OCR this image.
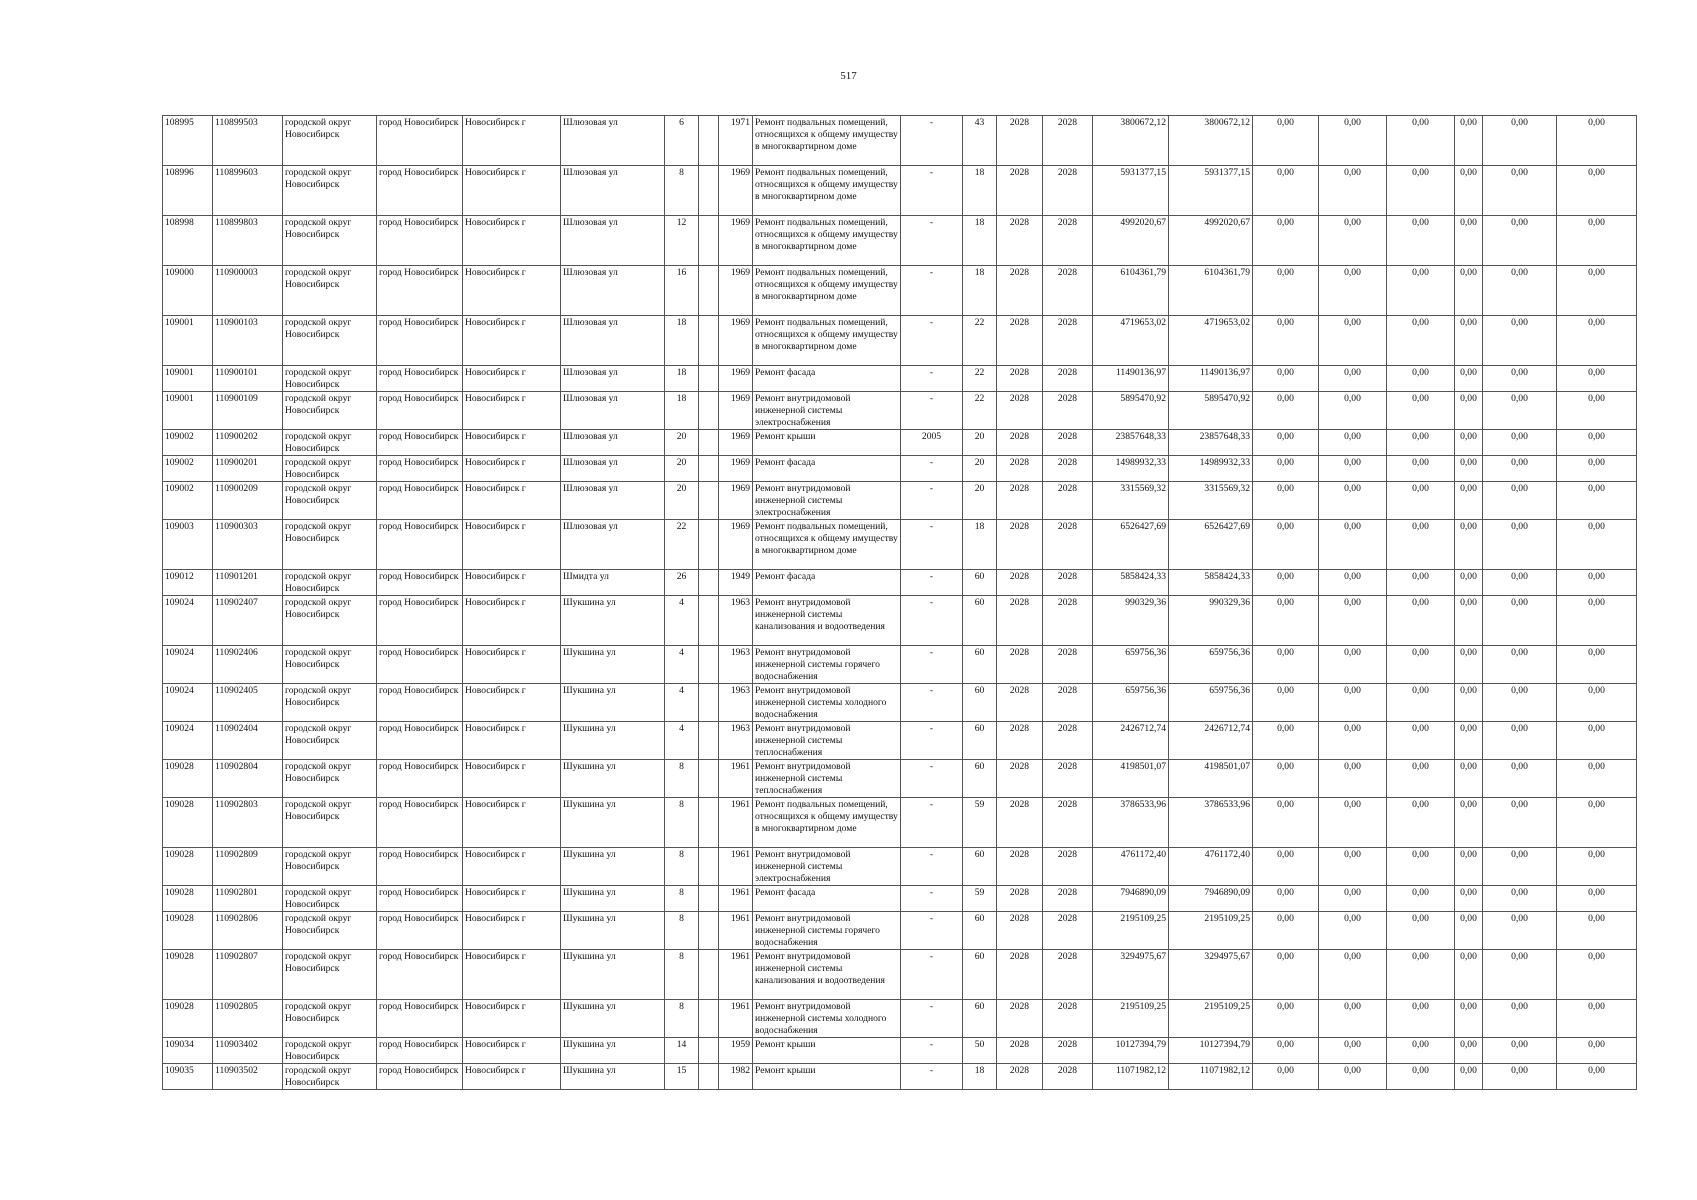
517
108995	110899503	городской округ Новосибирск	город Новосибирск	Новосибирск г	Шлюзовая ул	6		1971	Ремонт подвальных помещений, относящихся к общему имуществу в многоквартирном доме	-	43	2028	2028	3800672,12	3800672,12	0,00	0,00	0,00	0,00	0,00	0,00
108996	110899603	городской округ Новосибирск	город Новосибирск	Новосибирск г	Шлюзовая ул	8		1969	Ремонт подвальных помещений, относящихся к общему имуществу в многоквартирном доме	-	18	2028	2028	5931377,15	5931377,15	0,00	0,00	0,00	0,00	0,00	0,00
108998	110899803	городской округ Новосибирск	город Новосибирск	Новосибирск г	Шлюзовая ул	12		1969	Ремонт подвальных помещений, относящихся к общему имуществу в многоквартирном доме	-	18	2028	2028	4992020,67	4992020,67	0,00	0,00	0,00	0,00	0,00	0,00
109000	110900003	городской округ Новосибирск	город Новосибирск	Новосибирск г	Шлюзовая ул	16		1969	Ремонт подвальных помещений, относящихся к общему имуществу в многоквартирном доме	-	18	2028	2028	6104361,79	6104361,79	0,00	0,00	0,00	0,00	0,00	0,00
109001	110900103	городской округ Новосибирск	город Новосибирск	Новосибирск г	Шлюзовая ул	18		1969	Ремонт подвальных помещений, относящихся к общему имуществу в многоквартирном доме	-	22	2028	2028	4719653,02	4719653,02	0,00	0,00	0,00	0,00	0,00	0,00
109001	110900101	городской округ Новосибирск	город Новосибирск	Новосибирск г	Шлюзовая ул	18		1969	Ремонт фасада	-	22	2028	2028	11490136,97	11490136,97	0,00	0,00	0,00	0,00	0,00	0,00
109001	110900109	городской округ Новосибирск	город Новосибирск	Новосибирск г	Шлюзовая ул	18		1969	Ремонт внутридомовой инженерной системы электроснабжения	-	22	2028	2028	5895470,92	5895470,92	0,00	0,00	0,00	0,00	0,00	0,00
109002	110900202	городской округ Новосибирск	город Новосибирск	Новосибирск г	Шлюзовая ул	20		1969	Ремонт крыши	2005	20	2028	2028	23857648,33	23857648,33	0,00	0,00	0,00	0,00	0,00	0,00
109002	110900201	городской округ Новосибирск	город Новосибирск	Новосибирск г	Шлюзовая ул	20		1969	Ремонт фасада	-	20	2028	2028	14989932,33	14989932,33	0,00	0,00	0,00	0,00	0,00	0,00
109002	110900209	городской округ Новосибирск	город Новосибирск	Новосибирск г	Шлюзовая ул	20		1969	Ремонт внутридомовой инженерной системы электроснабжения	-	20	2028	2028	3315569,32	3315569,32	0,00	0,00	0,00	0,00	0,00	0,00
109003	110900303	городской округ Новосибирск	город Новосибирск	Новосибирск г	Шлюзовая ул	22		1969	Ремонт подвальных помещений, относящихся к общему имуществу в многоквартирном доме	-	18	2028	2028	6526427,69	6526427,69	0,00	0,00	0,00	0,00	0,00	0,00
109012	110901201	городской округ Новосибирск	город Новосибирск	Новосибирск г	Шмидта ул	26		1949	Ремонт фасада	-	60	2028	2028	5858424,33	5858424,33	0,00	0,00	0,00	0,00	0,00	0,00
109024	110902407	городской округ Новосибирск	город Новосибирск	Новосибирск г	Шукшина ул	4		1963	Ремонт внутридомовой инженерной системы канализования и водоотведения	-	60	2028	2028	990329,36	990329,36	0,00	0,00	0,00	0,00	0,00	0,00
109024	110902406	городской округ Новосибирск	город Новосибирск	Новосибирск г	Шукшина ул	4		1963	Ремонт внутридомовой инженерной системы горячего водоснабжения	-	60	2028	2028	659756,36	659756,36	0,00	0,00	0,00	0,00	0,00	0,00
109024	110902405	городской округ Новосибирск	город Новосибирск	Новосибирск г	Шукшина ул	4		1963	Ремонт внутридомовой инженерной системы холодного водоснабжения	-	60	2028	2028	659756,36	659756,36	0,00	0,00	0,00	0,00	0,00	0,00
109024	110902404	городской округ Новосибирск	город Новосибирск	Новосибирск г	Шукшина ул	4		1963	Ремонт внутридомовой инженерной системы теплоснабжения	-	60	2028	2028	2426712,74	2426712,74	0,00	0,00	0,00	0,00	0,00	0,00
109028	110902804	городской округ Новосибирск	город Новосибирск	Новосибирск г	Шукшина ул	8		1961	Ремонт внутридомовой инженерной системы теплоснабжения	-	60	2028	2028	4198501,07	4198501,07	0,00	0,00	0,00	0,00	0,00	0,00
109028	110902803	городской округ Новосибирск	город Новосибирск	Новосибирск г	Шукшина ул	8		1961	Ремонт подвальных помещений, относящихся к общему имуществу в многоквартирном доме	-	59	2028	2028	3786533,96	3786533,96	0,00	0,00	0,00	0,00	0,00	0,00
109028	110902809	городской округ Новосибирск	город Новосибирск	Новосибирск г	Шукшина ул	8		1961	Ремонт внутридомовой инженерной системы электроснабжения	-	60	2028	2028	4761172,40	4761172,40	0,00	0,00	0,00	0,00	0,00	0,00
109028	110902801	городской округ Новосибирск	город Новосибирск	Новосибирск г	Шукшина ул	8		1961	Ремонт фасада	-	59	2028	2028	7946890,09	7946890,09	0,00	0,00	0,00	0,00	0,00	0,00
109028	110902806	городской округ Новосибирск	город Новосибирск	Новосибирск г	Шукшина ул	8		1961	Ремонт внутридомовой инженерной системы горячего водоснабжения	-	60	2028	2028	2195109,25	2195109,25	0,00	0,00	0,00	0,00	0,00	0,00
109028	110902807	городской округ Новосибирск	город Новосибирск	Новосибирск г	Шукшина ул	8		1961	Ремонт внутридомовой инженерной системы канализования и водоотведения	-	60	2028	2028	3294975,67	3294975,67	0,00	0,00	0,00	0,00	0,00	0,00
109028	110902805	городской округ Новосибирск	город Новосибирск	Новосибирск г	Шукшина ул	8		1961	Ремонт внутридомовой инженерной системы холодного водоснабжения	-	60	2028	2028	2195109,25	2195109,25	0,00	0,00	0,00	0,00	0,00	0,00
109034	110903402	городской округ Новосибирск	город Новосибирск	Новосибирск г	Шукшина ул	14		1959	Ремонт крыши	-	50	2028	2028	10127394,79	10127394,79	0,00	0,00	0,00	0,00	0,00	0,00
109035	110903502	городской округ Новосибирск	город Новосибирск	Новосибирск г	Шукшина ул	15		1982	Ремонт крыши	-	18	2028	2028	11071982,12	11071982,12	0,00	0,00	0,00	0,00	0,00	0,00
